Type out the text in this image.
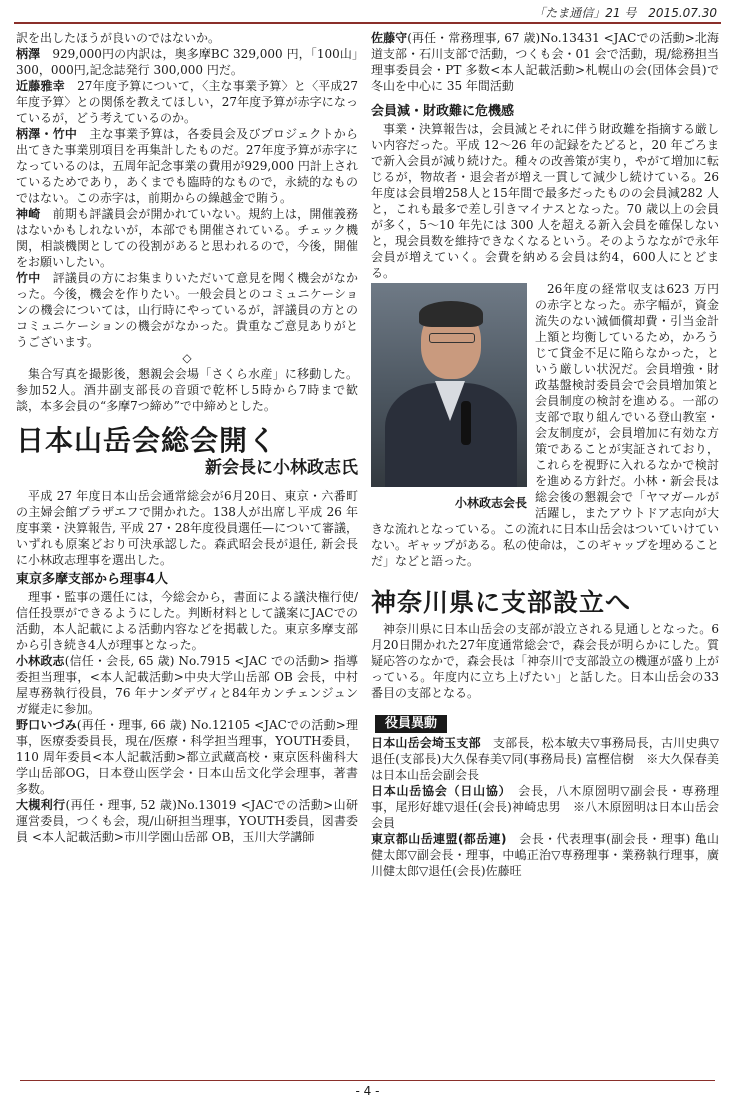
「たま通信」21 号　2015.07.30

訳を出したほうが良いのではないか。

柄澤　 929,000円の内訳は，奥多摩BC 329,000 円，「100山」300，000円,記念誌発行 300,000 円だ。

近藤雅幸　 27年度予算について，〈主な事業予算〉と〈平成27年度予算〉との関係を教えてほしい，27年度予算が赤字になっているが，どう考えているのか。

柄澤・竹中　 主な事業予算は，各委員会及びプロジェクトから出てきた事業別項目を再集計したものだ。27年度予算が赤字になっているのは，五周年記念事業の費用が929,000 円計上されているためであり，あくまでも臨時的なもので，永続的なものではない。この赤字は，前期からの繰越金で賄う。

神崎　 前期も評議員会が開かれていない。規約上は，開催義務はないかもしれないが，本部でも開催されている。チェック機関，相談機関としての役割があると思われるので，今後，開催をお願いしたい。

竹中　 評議員の方にお集まりいただいて意見を聞く機会がなかった。今後，機会を作りたい。一般会員とのコミュニケーションの機会については，山行時にやっているが，評議員の方とのコミュニケーションの機会がなかった。貴重なご意見ありがとうございます。

◇

集合写真を撮影後，懇親会会場「さくら水産」に移動した。参加52人。酒井副支部長の音頭で乾杯し5時から7時まで歓談，本多会員の“多摩7つ締め”で中締めとした。

日本山岳会総会開く
新会長に小林政志氏

平成 27 年度日本山岳会通常総会が6月20日、東京・六番町の主婦会館プラザエフで開かれた。138人が出席し平成 26 年度事業・決算報告, 平成 27・28年度役員選任—について審議，いずれも原案どおり可決承認した。森武昭会長が退任, 新会長に小林政志理事を選出した。

東京多摩支部から理事4人

理事・監事の選任には，今総会から，書面による議決権行使/信任投票ができるようにした。判断材料として議案にJACでの活動，本人記載による活動内容などを掲載した。東京多摩支部から引き続き4人が理事となった。

小林政志(信任・会長, 65 歳) No.7915 <JAC での活動> 指導委担当理事，<本人記載活動>中央大学山岳部 OB 会長，中村屋専務執行役員，76 年ナンダデヴィと84年カンチェンジュンガ縦走に参加。

野口いづみ(再任・理事, 66 歳) No.12105 <JACでの活動>理事，医療委委員長，現在/医療・科学担当理事，YOUTH委員，110 周年委員<本人記載活動>都立武蔵高校・東京医科歯科大学山岳部OG，日本登山医学会・日本山岳文化学会理事，著書多数。

大槻利行(再任・理事, 52 歳)No.13019 <JACでの活動>山研運営委員，つくも会，現/山研担当理事，YOUTH委員，図書委員 <本人記載活動>市川学園山岳部 OB，玉川大学講師

佐藤守(再任・常務理事, 67 歳)No.13431 <JACでの活動>北海道支部・石川支部で活動，つくも会・01 会で活動，現/総務担当理事委員会・PT 多数<本人記載活動>札幌山の会(団体会員)で冬山を中心に 35 年間活動

会員減・財政難に危機感

事業・決算報告は，会員減とそれに伴う財政難を指摘する厳しい内容だった。平成 12～26 年の記録をたどると，20 年ごろまで新入会員が減り続けた。種々の改善策が実り，やがて増加に転じるが，物故者・退会者が増え一貫して減少し続けている。26 年度は会員増258人と15年間で最多だったものの会員減282 人と，これも最多で差し引きマイナスとなった。70 歳以上の会員が多く，5～10 年先には 300 人を超える新入会員を確保しないと，現会員数を維持できなくなるという。そのようなながで永年会員が増えていく。会費を納める会員は約4，600人にとどまる。

小林政志会長

26年度の経常収支は623 万円の赤字となった。赤字幅が，資金流失のない減価償却費・引当金計上額と均衡しているため，かろうじて貸金不足に陥らなかった，という厳しい状況だ。会員増強・財政基盤検討委員会で会員増加策と会員制度の検討を進める。一部の支部で取り組んでいる登山教室・会友制度が，会員増加に有効な方策であることが実証されており，これらを視野に入れるなかで検討を進める方針だ。小林・新会長は総会後の懇親会で「ヤマガールが活躍し，またアウトドア志向が大きな流れとなっている。この流れに日本山岳会はついていけていない。ギャップがある。私の使命は，このギャップを埋めることだ」などと語った。

神奈川県に支部設立へ

神奈川県に日本山岳会の支部が設立される見通しとなった。6月20日開かれた27年度通常総会で，森会長が明らかにした。質疑応答のなかで，森会長は「神奈川で支部設立の機運が盛り上がっている。年度内に立ち上げたい」と話した。日本山岳会の33番目の支部となる。

役員異動

日本山岳会埼玉支部　 支部長，松本敏夫▽事務局長，古川史典▽退任(支部長)大久保春美▽同(事務局長) 富樫信樹　※大久保春美は日本山岳会副会長

日本山岳協会（日山協）　 会長，八木原圀明▽副会長・専務理事，尾形好雄▽退任(会長)神崎忠男　※八木原圀明は日本山岳会会員

東京都山岳連盟(都岳連)　 会長・代表理事(副会長・理事) 亀山健太郎▽副会長・理事，中嶋正治▽専務理事・業務執行理事，廣川健太郎▽退任(会長)佐藤旺

- 4 -
